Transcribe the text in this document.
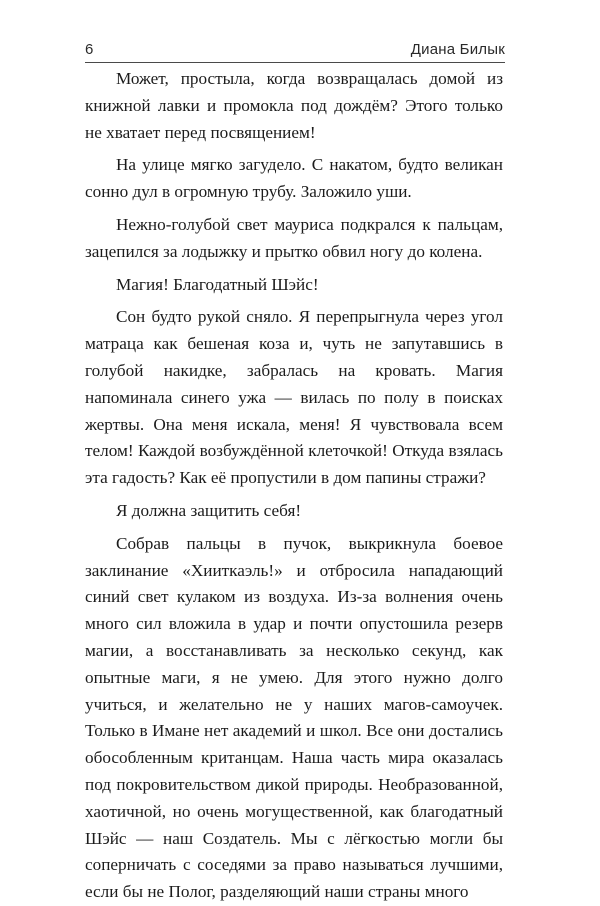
6	Диана Билык

Может, простыла, когда возвращалась домой из книжной лавки и промокла под дождём? Этого только не хватает перед посвящением!

На улице мягко загудело. С накатом, будто великан сонно дул в огромную трубу. Заложило уши.

Нежно-голубой свет мауриса подкрался к пальцам, зацепился за лодыжку и прытко обвил ногу до колена.

Магия! Благодатный Шэйс!

Сон будто рукой сняло. Я перепрыгнула через угол матраца как бешеная коза и, чуть не запутавшись в голубой накидке, забралась на кровать. Магия напоминала синего ужа — вилась по полу в поисках жертвы. Она меня искала, меня! Я чувствовала всем телом! Каждой возбуждённой клеточкой! Откуда взялась эта гадость? Как её пропустили в дом папины стражи?

Я должна защитить себя!

Собрав пальцы в пучок, выкрикнула боевое заклинание «Хииткаэль!» и отбросила нападающий синий свет кулаком из воздуха. Из-за волнения очень много сил вложила в удар и почти опустошила резерв магии, а восстанавливать за несколько секунд, как опытные маги, я не умею. Для этого нужно долго учиться, и желательно не у наших магов-самоучек. Только в Имане нет академий и школ. Все они достались обособленным кританцам. Наша часть мира оказалась под покровительством дикой природы. Необразованной, хаотичной, но очень могущественной, как благодатный Шэйс — наш Создатель. Мы с лёгкостью могли бы соперничать с соседями за право называться лучшими, если бы не Полог, разделяющий наши страны много
